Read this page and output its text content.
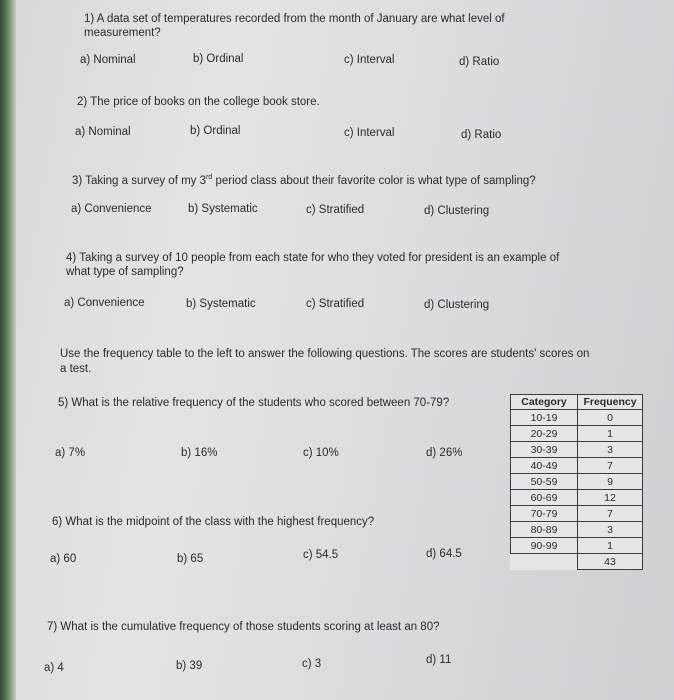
1) A data set of temperatures recorded from the month of January are what level of measurement?
a) Nominal	b) Ordinal	c) Interval	d) Ratio
2) The price of books on the college book store.
a) Nominal	b) Ordinal	c) Interval	d) Ratio
3) Taking a survey of my 3rd period class about their favorite color is what type of sampling?
a) Convenience	b) Systematic	c) Stratified	d) Clustering
4) Taking a survey of 10 people from each state for who they voted for president is an example of what type of sampling?
a) Convenience	b) Systematic	c) Stratified	d) Clustering
Use the frequency table to the left to answer the following questions. The scores are students' scores on a test.
5) What is the relative frequency of the students who scored between 70-79?
a) 7%	b) 16%	c) 10%	d) 26%
6) What is the midpoint of the class with the highest frequency?
a) 60	b) 65	c) 54.5	d) 64.5
7) What is the cumulative frequency of those students scoring at least an 80?
a) 4	b) 39	c) 3	d) 11
Category	Frequency
10-19	0
20-29	1
30-39	3
40-49	7
50-59	9
60-69	12
70-79	7
80-89	3
90-99	1
	43
